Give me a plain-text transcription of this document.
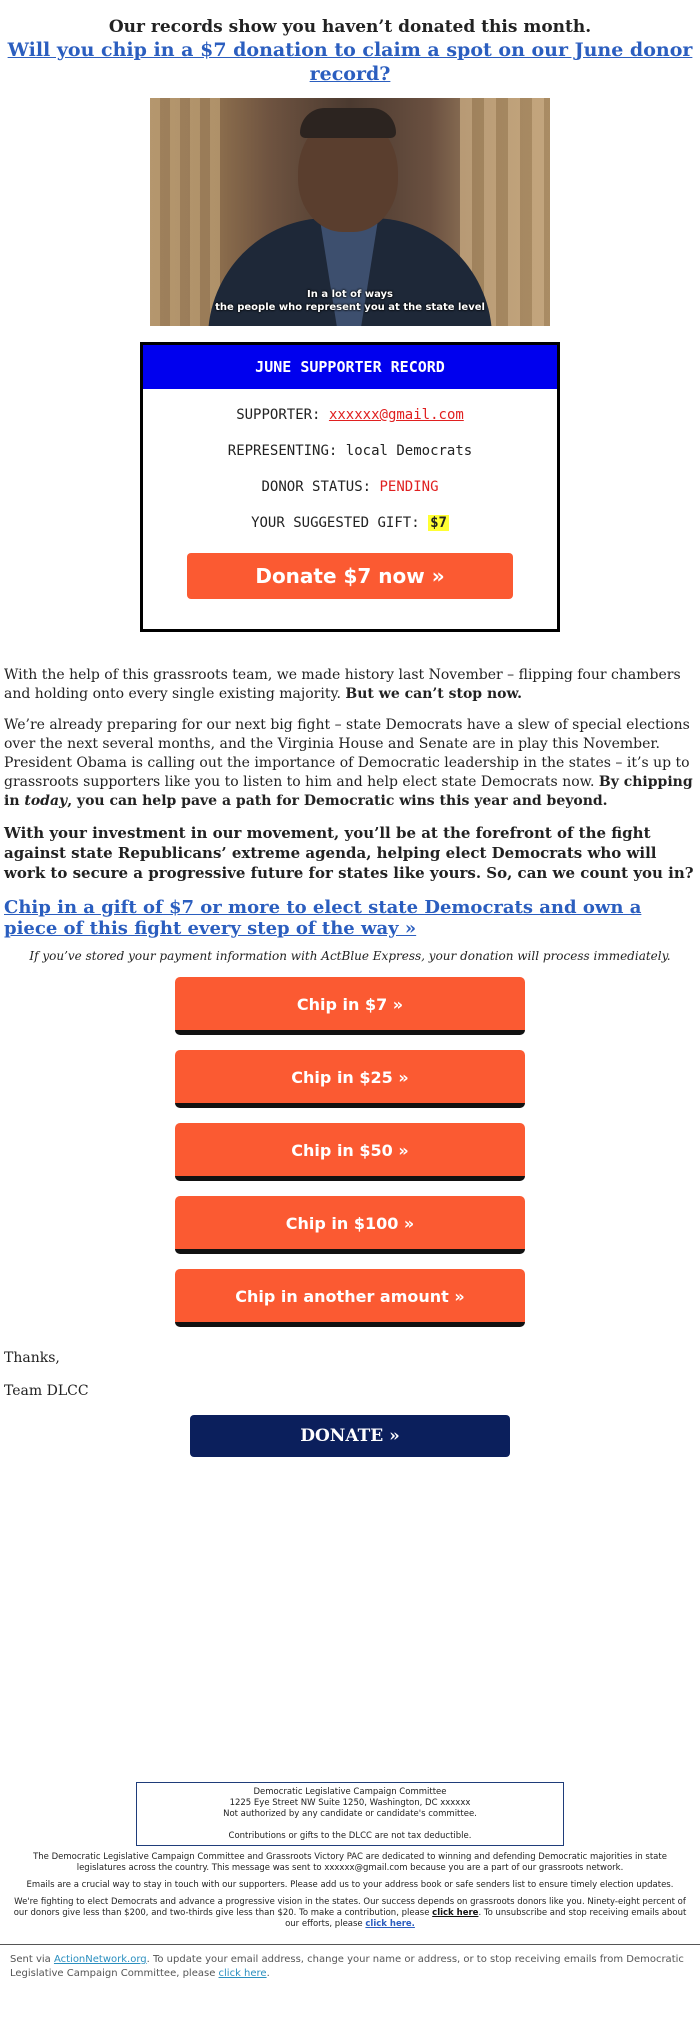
Our records show you haven’t donated this month.
Will you chip in a $7 donation to claim a spot on our June donor record?
In a lot of ways
the people who represent you at the state level
JUNE SUPPORTER RECORD
SUPPORTER: xxxxxx@gmail.com
REPRESENTING: local Democrats
DONOR STATUS: PENDING
YOUR SUGGESTED GIFT: $7
Donate $7 now »
With the help of this grassroots team, we made history last November – flipping four chambers and holding onto every single existing majority. But we can’t stop now.
We’re already preparing for our next big fight – state Democrats have a slew of special elections over the next several months, and the Virginia House and Senate are in play this November. President Obama is calling out the importance of Democratic leadership in the states – it’s up to grassroots supporters like you to listen to him and help elect state Democrats now. By chipping in today, you can help pave a path for Democratic wins this year and beyond.
With your investment in our movement, you’ll be at the forefront of the fight against state Republicans’ extreme agenda, helping elect Democrats who will work to secure a progressive future for states like yours. So, can we count you in?
Chip in a gift of $7 or more to elect state Democrats and own a piece of this fight every step of the way »
If you’ve stored your payment information with ActBlue Express, your donation will process immediately.
Chip in $7 »
Chip in $25 »
Chip in $50 »
Chip in $100 »
Chip in another amount »
Thanks,
Team DLCC
DONATE »
Democratic Legislative Campaign Committee
1225 Eye Street NW Suite 1250, Washington, DC xxxxxx
Not authorized by any candidate or candidate's committee.
Contributions or gifts to the DLCC are not tax deductible.
The Democratic Legislative Campaign Committee and Grassroots Victory PAC are dedicated to winning and defending Democratic majorities in state legislatures across the country. This message was sent to xxxxxx@gmail.com because you are a part of our grassroots network.
Emails are a crucial way to stay in touch with our supporters. Please add us to your address book or safe senders list to ensure timely election updates.
We're fighting to elect Democrats and advance a progressive vision in the states. Our success depends on grassroots donors like you. Ninety-eight percent of our donors give less than $200, and two-thirds give less than $20. To make a contribution, please click here. To unsubscribe and stop receiving emails about our efforts, please click here.
Sent via ActionNetwork.org. To update your email address, change your name or address, or to stop receiving emails from Democratic Legislative Campaign Committee, please click here.
